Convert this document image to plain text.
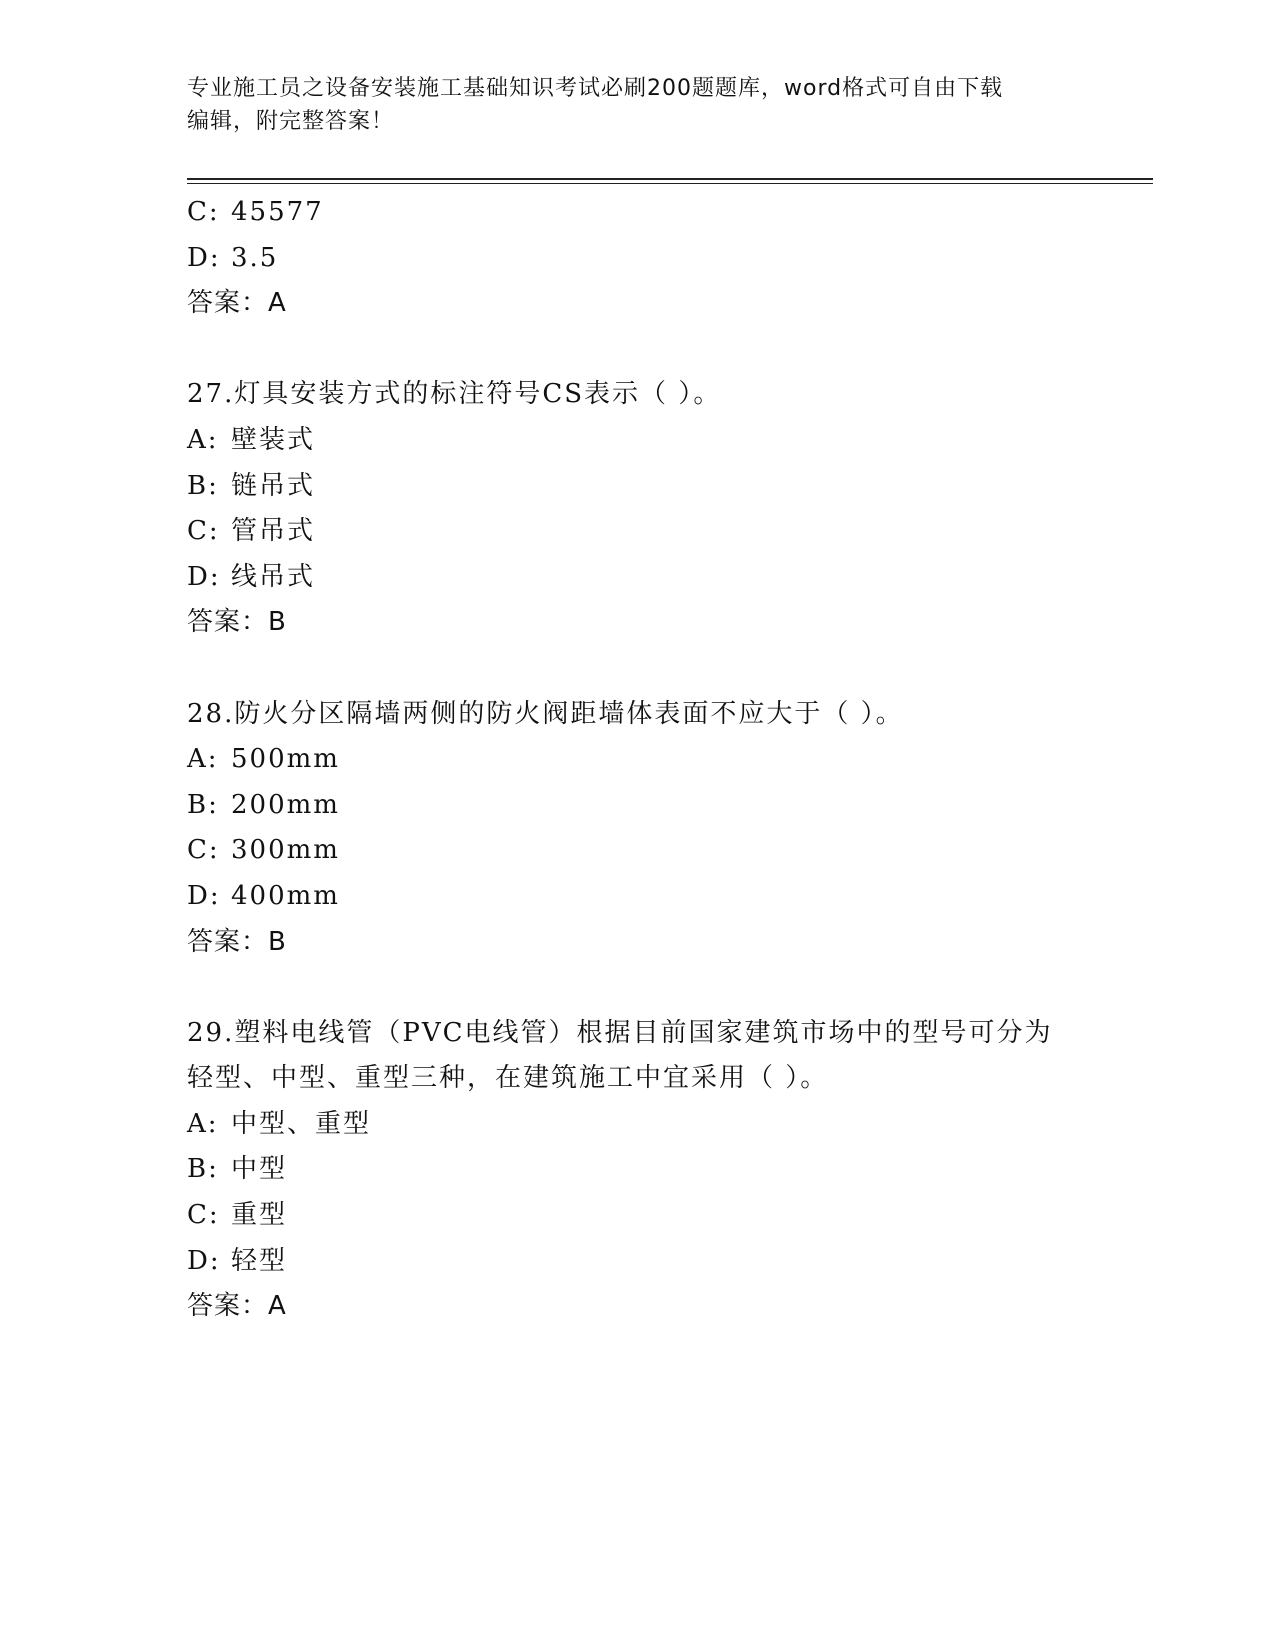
专业施工员之设备安装施工基础知识考试必刷200题题库，word格式可自由下载
编辑，附完整答案！
C: 45577
D: 3.5
答案：A
27.灯具安装方式的标注符号CS表示（ ）。
A: 壁装式
B: 链吊式
C: 管吊式
D: 线吊式
答案：B
28.防火分区隔墙两侧的防火阀距墙体表面不应大于（ ）。
A: 500mm
B: 200mm
C: 300mm
D: 400mm
答案：B
29.塑料电线管（PVC电线管）根据目前国家建筑市场中的型号可分为
轻型、中型、重型三种，在建筑施工中宜采用（ ）。
A: 中型、重型
B: 中型
C: 重型
D: 轻型
答案：A
